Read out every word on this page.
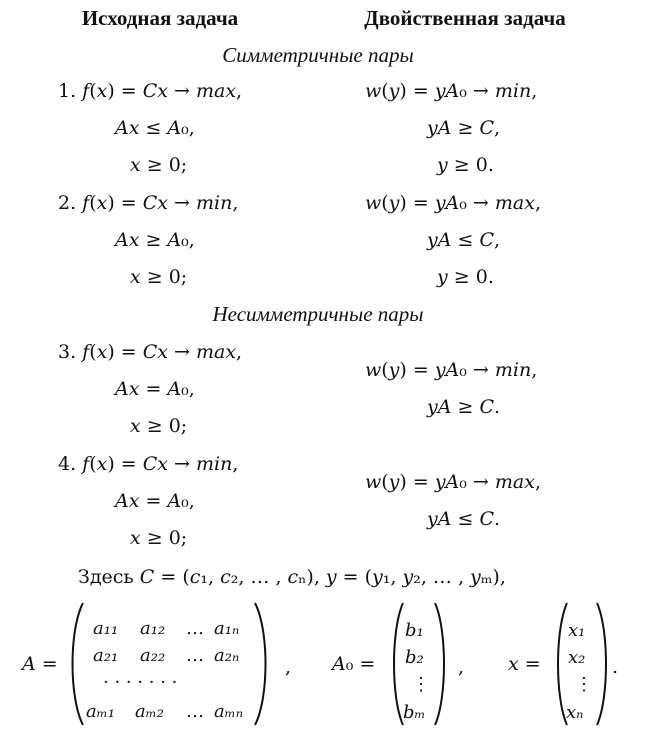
Исходная задача	Двойственная задача
Симметричные пары
1. 𝑓(𝑥) = 𝐶𝑥 → 𝑚𝑎𝑥,
𝐴𝑥 ≤ 𝐴₀,
𝑥 ≥ 0;
𝑤(𝑦) = 𝑦𝐴₀ → 𝑚𝑖𝑛,
𝑦𝐴 ≥ 𝐶,
𝑦 ≥ 0.
2. 𝑓(𝑥) = 𝐶𝑥 → 𝑚𝑖𝑛,
𝐴𝑥 ≥ 𝐴₀,
𝑥 ≥ 0;
𝑤(𝑦) = 𝑦𝐴₀ → 𝑚𝑎𝑥,
𝑦𝐴 ≤ 𝐶,
𝑦 ≥ 0.
Несимметричные пары
3. 𝑓(𝑥) = 𝐶𝑥 → 𝑚𝑎𝑥,
𝐴𝑥 = 𝐴₀,
𝑥 ≥ 0;
𝑤(𝑦) = 𝑦𝐴₀ → 𝑚𝑖𝑛,
𝑦𝐴 ≥ 𝐶.
4. 𝑓(𝑥) = 𝐶𝑥 → 𝑚𝑖𝑛,
𝐴𝑥 = 𝐴₀,
𝑥 ≥ 0;
𝑤(𝑦) = 𝑦𝐴₀ → 𝑚𝑎𝑥,
𝑦𝐴 ≤ 𝐶.
Здесь 𝐶 = (𝑐₁, 𝑐₂, … , 𝑐ₙ), 𝑦 = (𝑦₁, 𝑦₂, … , 𝑦ₘ),
𝐴 =
𝑎₁₁ 𝑎₁₂ … 𝑎₁ₙ
𝑎₂₁ 𝑎₂₂ … 𝑎₂ₙ
· · · · · · ·
𝑎ₘ₁ 𝑎ₘ₂ … 𝑎ₘₙ
, 𝐴₀ =
𝑏₁
𝑏₂
⋮
𝑏ₘ
, 𝑥 =
𝑥₁
𝑥₂
⋮
𝑥ₙ
.
